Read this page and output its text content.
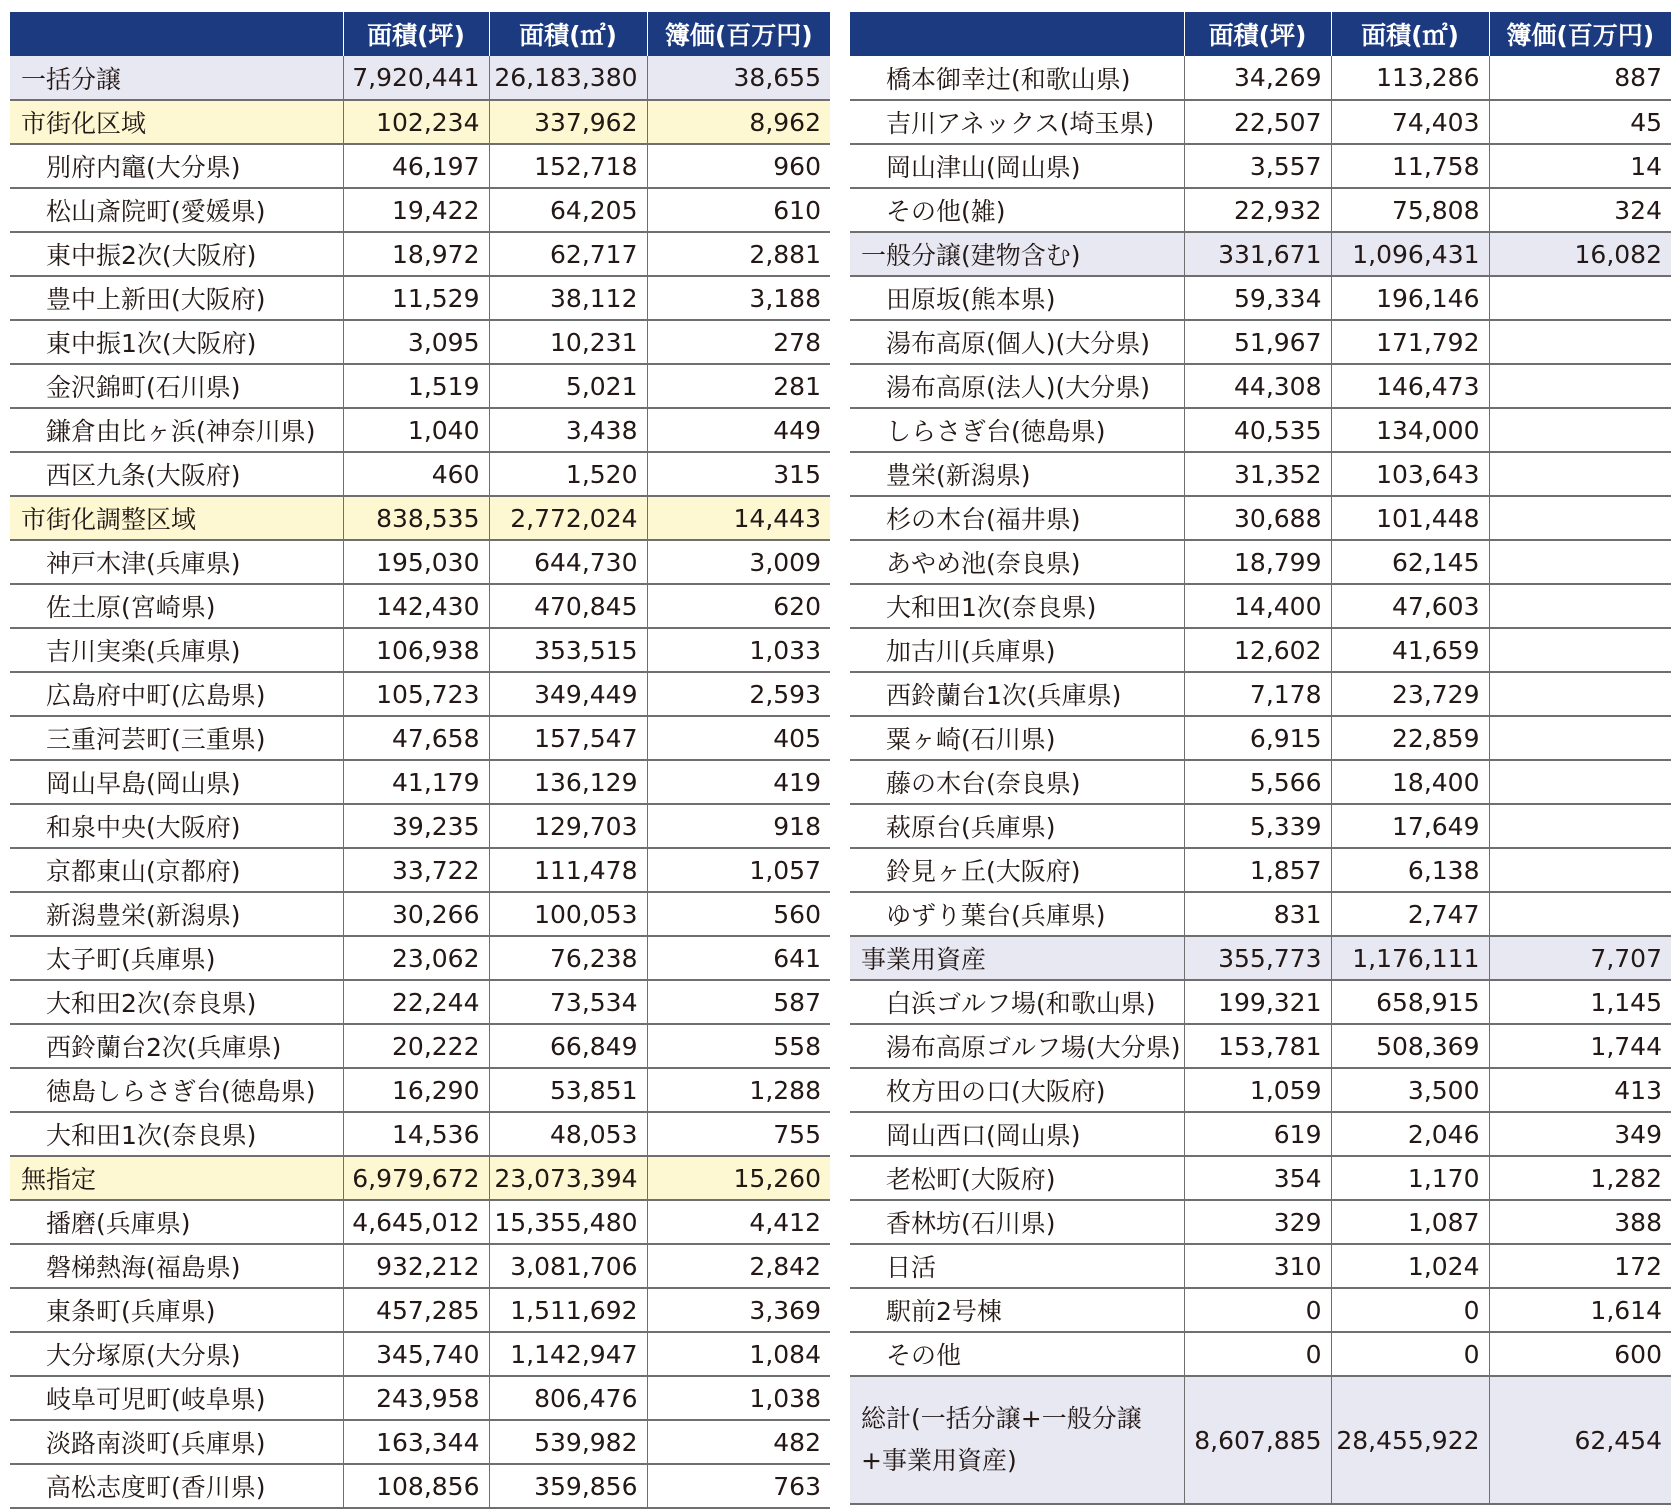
	面積(坪)	面積(㎡)	簿価(百万円)
一括分譲	7,920,441	26,183,380	38,655
市街化区域	102,234	337,962	8,962
別府内竈(大分県)	46,197	152,718	960
松山斎院町(愛媛県)	19,422	64,205	610
東中振2次(大阪府)	18,972	62,717	2,881
豊中上新田(大阪府)	11,529	38,112	3,188
東中振1次(大阪府)	3,095	10,231	278
金沢錦町(石川県)	1,519	5,021	281
鎌倉由比ヶ浜(神奈川県)	1,040	3,438	449
西区九条(大阪府)	460	1,520	315
市街化調整区域	838,535	2,772,024	14,443
神戸木津(兵庫県)	195,030	644,730	3,009
佐土原(宮崎県)	142,430	470,845	620
吉川実楽(兵庫県)	106,938	353,515	1,033
広島府中町(広島県)	105,723	349,449	2,593
三重河芸町(三重県)	47,658	157,547	405
岡山早島(岡山県)	41,179	136,129	419
和泉中央(大阪府)	39,235	129,703	918
京都東山(京都府)	33,722	111,478	1,057
新潟豊栄(新潟県)	30,266	100,053	560
太子町(兵庫県)	23,062	76,238	641
大和田2次(奈良県)	22,244	73,534	587
西鈴蘭台2次(兵庫県)	20,222	66,849	558
徳島しらさぎ台(徳島県)	16,290	53,851	1,288
大和田1次(奈良県)	14,536	48,053	755
無指定	6,979,672	23,073,394	15,260
播磨(兵庫県)	4,645,012	15,355,480	4,412
磐梯熱海(福島県)	932,212	3,081,706	2,842
東条町(兵庫県)	457,285	1,511,692	3,369
大分塚原(大分県)	345,740	1,142,947	1,084
岐阜可児町(岐阜県)	243,958	806,476	1,038
淡路南淡町(兵庫県)	163,344	539,982	482
高松志度町(香川県)	108,856	359,856	763
	面積(坪)	面積(㎡)	簿価(百万円)
橋本御幸辻(和歌山県)	34,269	113,286	887
吉川アネックス(埼玉県)	22,507	74,403	45
岡山津山(岡山県)	3,557	11,758	14
その他(雑)	22,932	75,808	324
一般分譲(建物含む)	331,671	1,096,431	16,082
田原坂(熊本県)	59,334	196,146	
湯布高原(個人)(大分県)	51,967	171,792	
湯布高原(法人)(大分県)	44,308	146,473	
しらさぎ台(徳島県)	40,535	134,000	
豊栄(新潟県)	31,352	103,643	
杉の木台(福井県)	30,688	101,448	
あやめ池(奈良県)	18,799	62,145	
大和田1次(奈良県)	14,400	47,603	
加古川(兵庫県)	12,602	41,659	
西鈴蘭台1次(兵庫県)	7,178	23,729	
粟ヶ崎(石川県)	6,915	22,859	
藤の木台(奈良県)	5,566	18,400	
萩原台(兵庫県)	5,339	17,649	
鈴見ヶ丘(大阪府)	1,857	6,138	
ゆずり葉台(兵庫県)	831	2,747	
事業用資産	355,773	1,176,111	7,707
白浜ゴルフ場(和歌山県)	199,321	658,915	1,145
湯布高原ゴルフ場(大分県)	153,781	508,369	1,744
枚方田の口(大阪府)	1,059	3,500	413
岡山西口(岡山県)	619	2,046	349
老松町(大阪府)	354	1,170	1,282
香林坊(石川県)	329	1,087	388
日活	310	1,024	172
駅前2号棟	0	0	1,614
その他	0	0	600
総計(一括分譲+一般分譲+事業用資産)	8,607,885	28,455,922	62,454
